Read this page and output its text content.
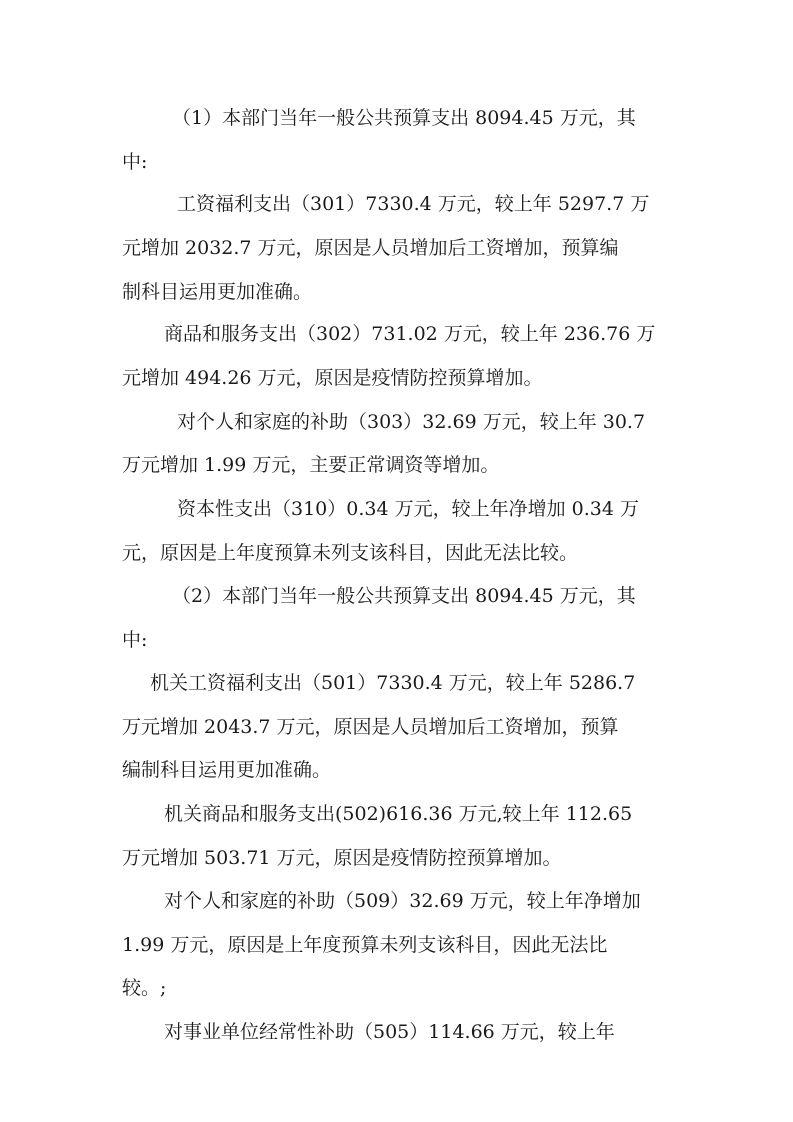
（1）本部门当年一般公共预算支出 8094.45 万元，其
中:
工资福利支出（301）7330.4 万元，较上年 5297.7 万
元增加 2032.7 万元，原因是人员增加后工资增加，预算编
制科目运用更加准确。
商品和服务支出（302）731.02 万元，较上年 236.76 万
元增加 494.26 万元，原因是疫情防控预算增加。
对个人和家庭的补助（303）32.69 万元，较上年 30.7
万元增加 1.99 万元，主要正常调资等增加。
资本性支出（310）0.34 万元，较上年净增加 0.34 万
元，原因是上年度预算未列支该科目，因此无法比较。
（2）本部门当年一般公共预算支出 8094.45 万元，其
中:
机关工资福利支出（501）7330.4 万元，较上年 5286.7
万元增加 2043.7 万元，原因是人员增加后工资增加，预算
编制科目运用更加准确。
机关商品和服务支出(502)616.36 万元,较上年 112.65
万元增加 503.71 万元，原因是疫情防控预算增加。
对个人和家庭的补助（509）32.69 万元，较上年净增加
1.99 万元，原因是上年度预算未列支该科目，因此无法比
较。;
对事业单位经常性补助（505）114.66 万元，较上年
